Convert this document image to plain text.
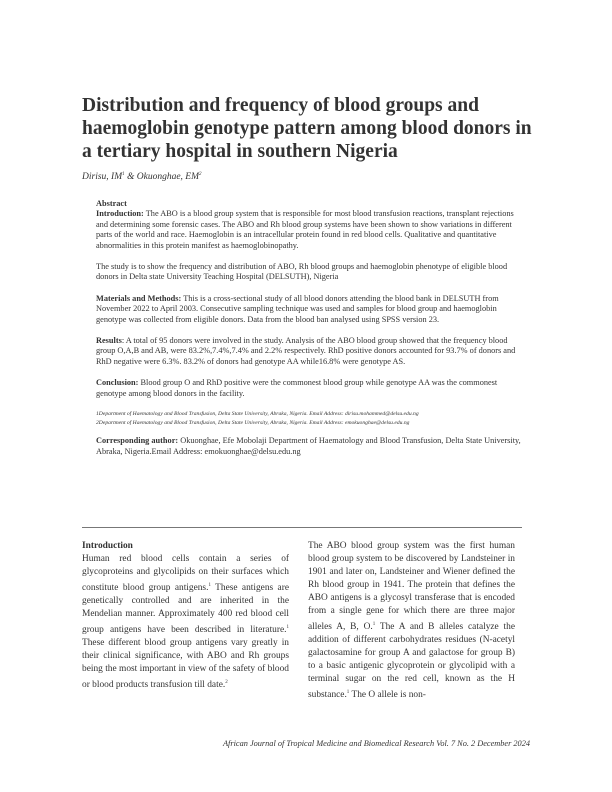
Distribution and frequency of blood groups and haemoglobin genotype pattern among blood donors in a tertiary hospital in southern Nigeria
Dirisu, $IM^1$ & Okuonghae, $EM^2$

Abstract

Introduction: The ABO is a blood group system that is responsible for most blood transfusion reactions, transplant rejections and determining some forensic cases. The ABO and Rh blood group systems have been shown to show variations in different parts of the world and race. Haemoglobin is an intracellular protein found in red blood cells. Qualitative and quantitative abnormalities in this protein manifest as haemoglobinopathy.

The study is to show the frequency and distribution of ABO, Rh blood groups and haemoglobin phenotype of eligible blood donors in Delta state University Teaching Hospital (DELSUTH), Nigeria

Materials and Methods: This is a cross-sectional study of all blood donors attending the blood bank in DELSUTH from November 2022 to April 2003. Consecutive sampling technique was used and samples for blood group and haemoglobin genotype was collected from eligible donors. Data from the blood ban analysed using SPSS version 23.

Results: A total of 95 donors were involved in the study. Analysis of the ABO blood group showed that the frequency blood group O,A,B and AB, were 83.2%,7.4%,7.4% and 2.2% respectively. RhD positive donors accounted for 93.7% of donors and RhD negative were 6.3%. 83.2% of donors had genotype AA while16.8% were genotype AS.

Conclusion: Blood group O and RhD positive were the commonest blood group while genotype AA was the commonest genotype among blood donors in the facility.

1Department of Haematology and Blood Transfusion, Delta State University, Abraka, Nigeria. Email Address: dirisu.mohammed@delsu.edu.ng
2Department of Haematology and Blood Transfusion, Delta State University, Abraka, Nigeria. Email Address: emokuonghae@delsu.edu.ng

Corresponding author: Okuonghae, Efe Mobolaji Department of Haematology and Blood Transfusion, Delta State University, Abraka, Nigeria.Email Address: emokuonghae@delsu.edu.ng

Introduction

Human red blood cells contain a series of glycoproteins and glycolipids on their surfaces which constitute blood group antigens.$^1$ These antigens are genetically controlled and are inherited in the Mendelian manner. Approximately 400 red blood cell group antigens have been described in literature.$^1$ These different blood group antigens vary greatly in their clinical significance, with ABO and Rh groups being the most important in view of the safety of blood or blood products transfusion till date.$^2$

The ABO blood group system was the first human blood group system to be discovered by Landsteiner in 1901 and later on, Landsteiner and Wiener defined the Rh blood group in 1941. The protein that defines the ABO antigens is a glycosyl transferase that is encoded from a single gene for which there are three major alleles A, B, O.$^1$ The A and B alleles catalyze the addition of different carbohydrates residues (N-acetyl galactosamine for group A and galactose for group B) to a basic antigenic glycoprotein or glycolipid with a terminal sugar on the red cell, known as the H substance.$^1$ The O allele is non-

African Journal of Tropical Medicine and Biomedical Research Vol. 7 No. 2 December 2024
